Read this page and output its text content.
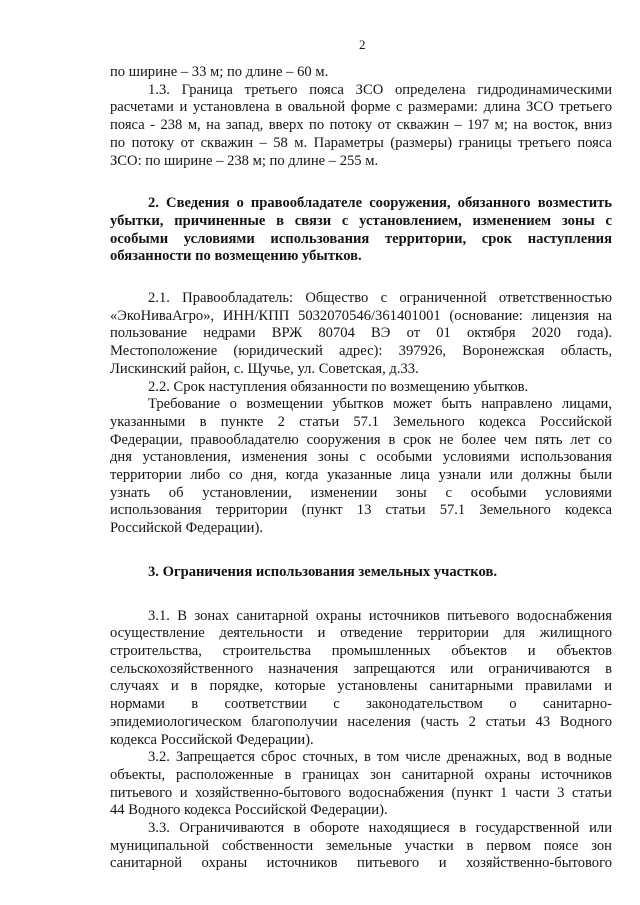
2
по ширине – 33 м; по длине – 60 м.
1.3. Граница третьего пояса ЗСО определена гидродинамическими
расчетами и установлена в овальной форме с размерами: длина ЗСО третьего
пояса - 238 м, на запад, вверх по потоку от скважин – 197 м; на восток, вниз
по потоку от скважин – 58 м. Параметры (размеры) границы третьего пояса
ЗСО: по ширине – 238 м; по длине – 255 м.
2. Сведения о правообладателе сооружения, обязанного возместить
убытки, причиненные в связи с установлением, изменением зоны с
особыми условиями использования территории, срок наступления
обязанности по возмещению убытков.
2.1. Правообладатель: Общество с ограниченной ответственностью
«ЭкоНиваАгро», ИНН/КПП 5032070546/361401001 (основание: лицензия на
пользование недрами ВРЖ 80704 ВЭ от 01 октября 2020 года).
Местоположение (юридический адрес): 397926, Воронежская область,
Лискинский район, с. Щучье, ул. Советская, д.33.
2.2. Срок наступления обязанности по возмещению убытков.
Требование о возмещении убытков может быть направлено лицами,
указанными в пункте 2 статьи 57.1 Земельного кодекса Российской
Федерации, правообладателю сооружения в срок не более чем пять лет со
дня установления, изменения зоны с особыми условиями использования
территории либо со дня, когда указанные лица узнали или должны были
узнать об установлении, изменении зоны с особыми условиями
использования территории (пункт 13 статьи 57.1 Земельного кодекса
Российской Федерации).
3. Ограничения использования земельных участков.
3.1. В зонах санитарной охраны источников питьевого водоснабжения
осуществление деятельности и отведение территории для жилищного
строительства, строительства промышленных объектов и объектов
сельскохозяйственного назначения запрещаются или ограничиваются в
случаях и в порядке, которые установлены санитарными правилами и
нормами в соответствии с законодательством о санитарно-
эпидемиологическом благополучии населения (часть 2 статьи 43 Водного
кодекса Российской Федерации).
3.2. Запрещается сброс сточных, в том числе дренажных, вод в водные
объекты, расположенные в границах зон санитарной охраны источников
питьевого и хозяйственно-бытового водоснабжения (пункт 1 части 3 статьи
44 Водного кодекса Российской Федерации).
3.3. Ограничиваются в обороте находящиеся в государственной или
муниципальной собственности земельные участки в первом поясе зон
санитарной охраны источников питьевого и хозяйственно-бытового
